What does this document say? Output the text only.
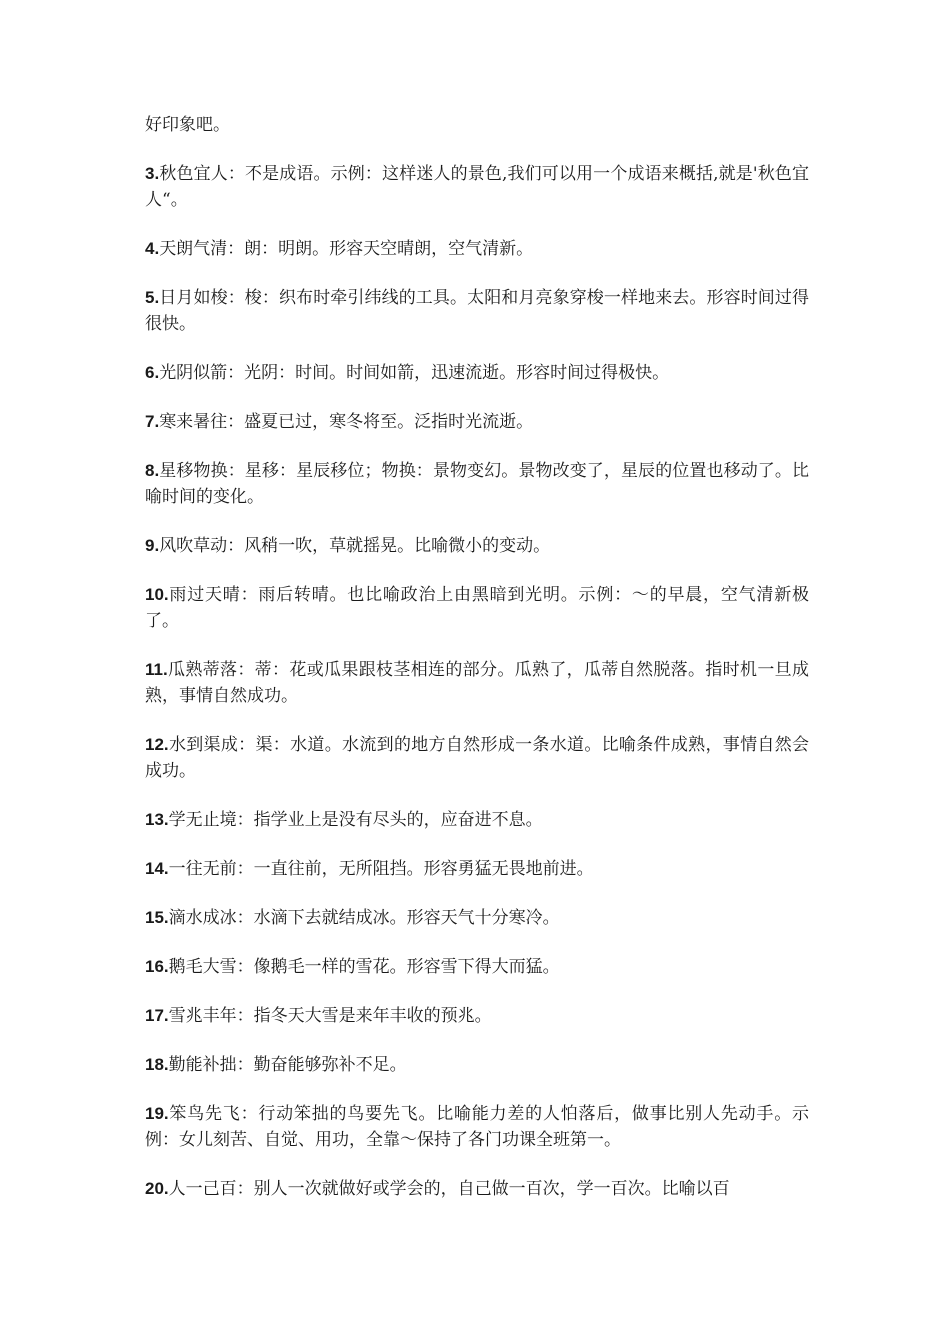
好印象吧。

3.秋色宜人：不是成语。示例：这样迷人的景色,我们可以用一个成语来概括,就是'秋色宜人“。

4.天朗气清：朗：明朗。形容天空晴朗，空气清新。

5.日月如梭：梭：织布时牵引纬线的工具。太阳和月亮象穿梭一样地来去。形容时间过得很快。

6.光阴似箭：光阴：时间。时间如箭，迅速流逝。形容时间过得极快。

7.寒来暑往：盛夏已过，寒冬将至。泛指时光流逝。

8.星移物换：星移：星辰移位；物换：景物变幻。景物改变了，星辰的位置也移动了。比喻时间的变化。

9.风吹草动：风稍一吹，草就摇晃。比喻微小的变动。

10.雨过天晴：雨后转晴。也比喻政治上由黑暗到光明。示例：～的早晨，空气清新极了。

11.瓜熟蒂落：蒂：花或瓜果跟枝茎相连的部分。瓜熟了，瓜蒂自然脱落。指时机一旦成熟，事情自然成功。

12.水到渠成：渠：水道。水流到的地方自然形成一条水道。比喻条件成熟，事情自然会成功。

13.学无止境：指学业上是没有尽头的，应奋进不息。

14.一往无前：一直往前，无所阻挡。形容勇猛无畏地前进。

15.滴水成冰：水滴下去就结成冰。形容天气十分寒冷。

16.鹅毛大雪：像鹅毛一样的雪花。形容雪下得大而猛。

17.雪兆丰年：指冬天大雪是来年丰收的预兆。

18.勤能补拙：勤奋能够弥补不足。

19.笨鸟先飞：行动笨拙的鸟要先飞。比喻能力差的人怕落后，做事比别人先动手。示例：女儿刻苦、自觉、用功，全靠～保持了各门功课全班第一。

20.人一己百：别人一次就做好或学会的，自己做一百次，学一百次。比喻以百
